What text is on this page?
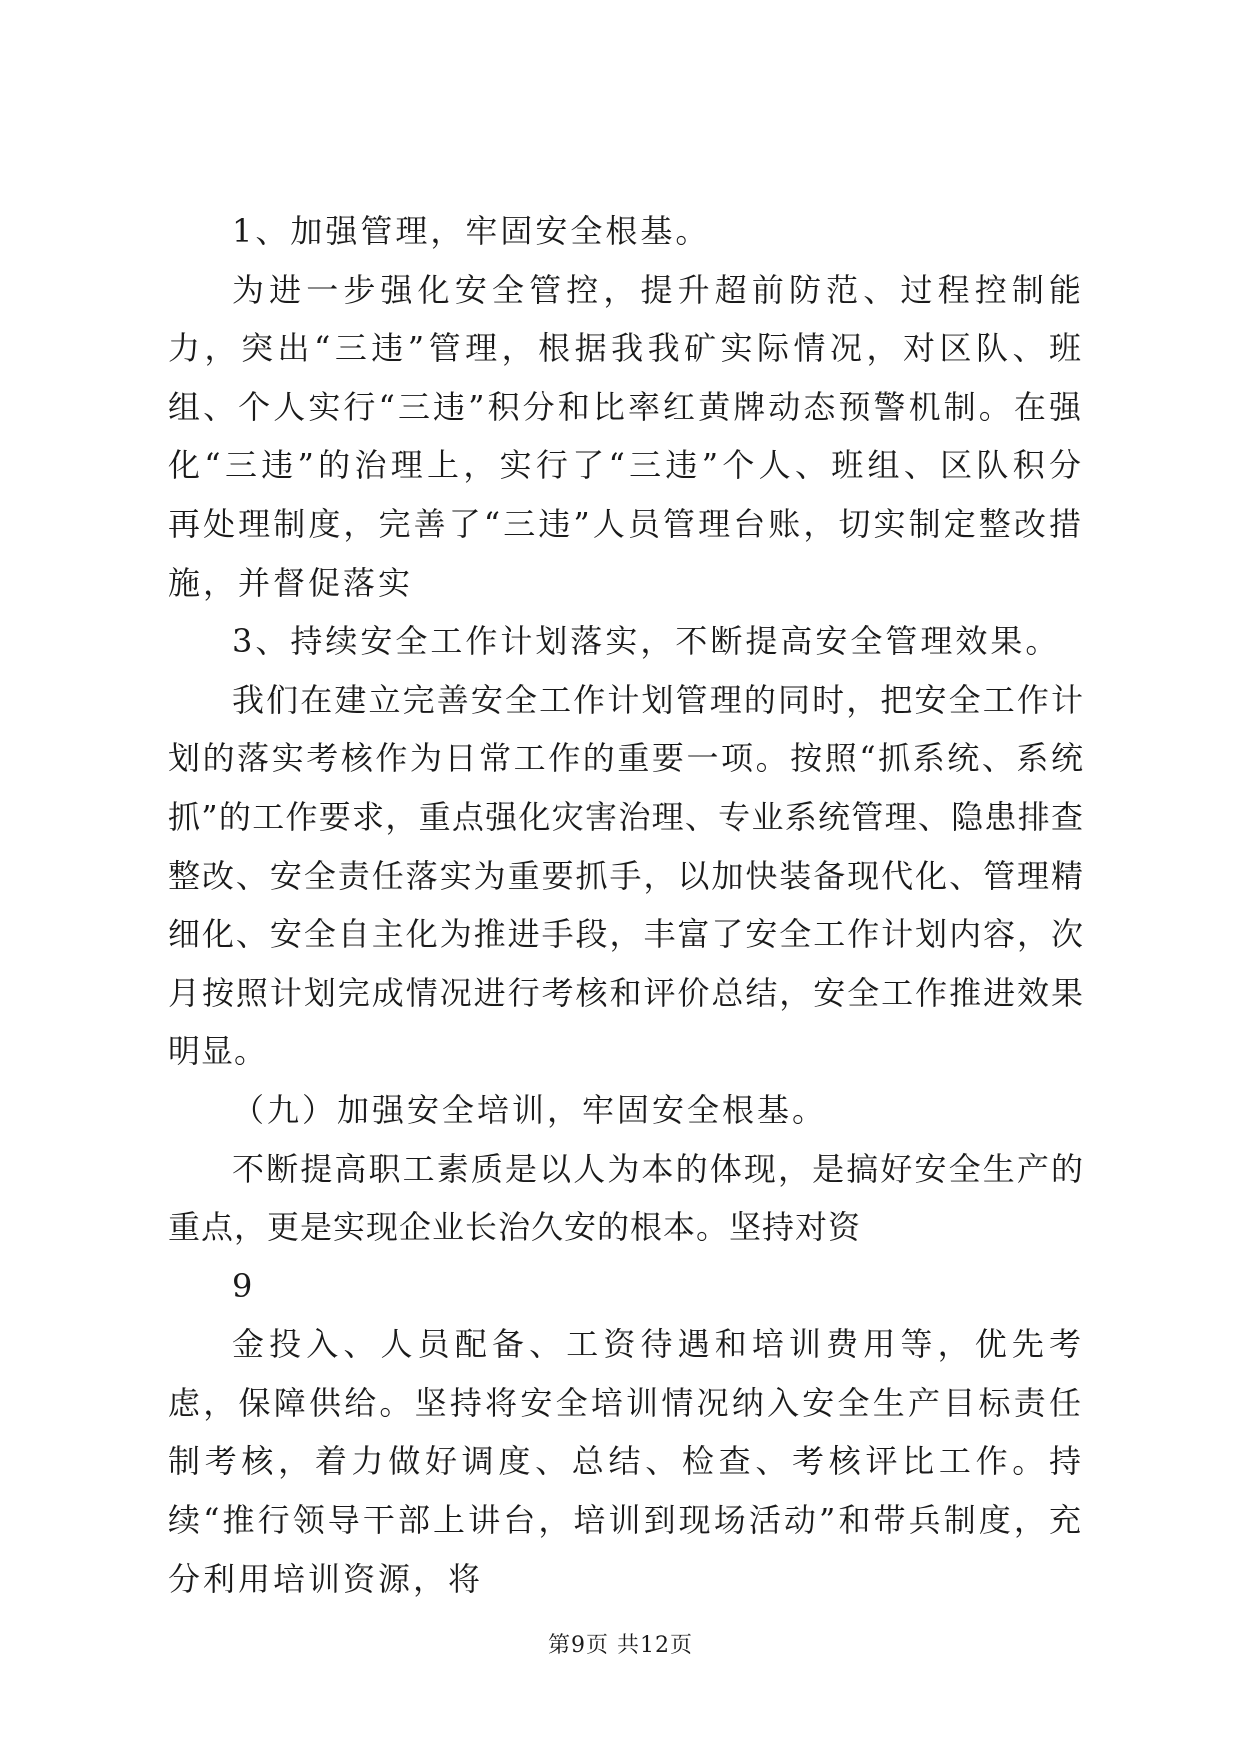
1、加强管理，牢固安全根基。

为进一步强化安全管控，提升超前防范、过程控制能力，突出“三违”管理，根据我我矿实际情况，对区队、班组、个人实行“三违”积分和比率红黄牌动态预警机制。在强化“三违”的治理上，实行了“三违”个人、班组、区队积分再处理制度，完善了“三违”人员管理台账，切实制定整改措施，并督促落实

3、持续安全工作计划落实，不断提高安全管理效果。

我们在建立完善安全工作计划管理的同时，把安全工作计划的落实考核作为日常工作的重要一项。按照“抓系统、系统抓”的工作要求，重点强化灾害治理、专业系统管理、隐患排查整改、安全责任落实为重要抓手，以加快装备现代化、管理精细化、安全自主化为推进手段，丰富了安全工作计划内容，次月按照计划完成情况进行考核和评价总结，安全工作推进效果明显。

（九）加强安全培训，牢固安全根基。

不断提高职工素质是以人为本的体现，是搞好安全生产的重点，更是实现企业长治久安的根本。坚持对资

9

金投入、人员配备、工资待遇和培训费用等，优先考虑，保障供给。坚持将安全培训情况纳入安全生产目标责任制考核，着力做好调度、总结、检查、考核评比工作。持续“推行领导干部上讲台，培训到现场活动”和带兵制度，充分利用培训资源，将

第9页 共12页
